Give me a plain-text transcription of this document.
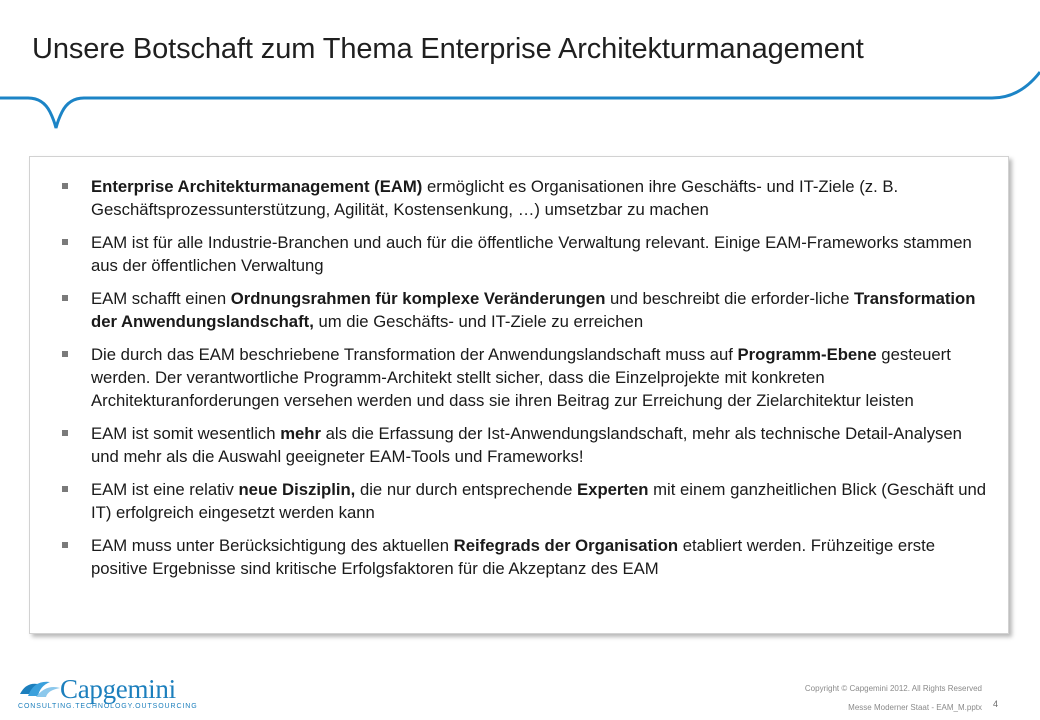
Unsere Botschaft zum Thema Enterprise Architekturmanagement
Enterprise Architekturmanagement (EAM) ermöglicht es Organisationen ihre Geschäfts- und IT-Ziele (z. B. Geschäftsprozessunterstützung, Agilität, Kostensenkung, …) umsetzbar zu machen
EAM ist für alle Industrie-Branchen und auch für die öffentliche Verwaltung relevant. Einige EAM-Frameworks stammen aus der öffentlichen Verwaltung
EAM schafft einen Ordnungsrahmen für komplexe Veränderungen und beschreibt die erforder-liche Transformation der Anwendungslandschaft, um die Geschäfts- und IT-Ziele zu erreichen
Die durch das EAM beschriebene Transformation der Anwendungslandschaft muss auf Programm-Ebene gesteuert werden. Der verantwortliche Programm-Architekt stellt sicher, dass die Einzelprojekte mit konkreten Architekturanforderungen versehen werden und dass sie ihren Beitrag zur Erreichung der Zielarchitektur leisten
EAM ist somit wesentlich mehr als die Erfassung der Ist-Anwendungslandschaft, mehr als technische Detail-Analysen und mehr als die Auswahl geeigneter EAM-Tools und Frameworks!
EAM ist eine relativ neue Disziplin, die nur durch entsprechende Experten mit einem ganzheitlichen Blick (Geschäft und IT) erfolgreich eingesetzt werden kann
EAM muss unter Berücksichtigung des aktuellen Reifegrads der Organisation etabliert werden. Frühzeitige erste positive Ergebnisse sind kritische Erfolgsfaktoren für die Akzeptanz des EAM
Capgemini
CONSULTING.TECHNOLOGY.OUTSOURCING
Copyright © Capgemini 2012. All Rights Reserved
Messe Moderner Staat - EAM_M.pptx 4
